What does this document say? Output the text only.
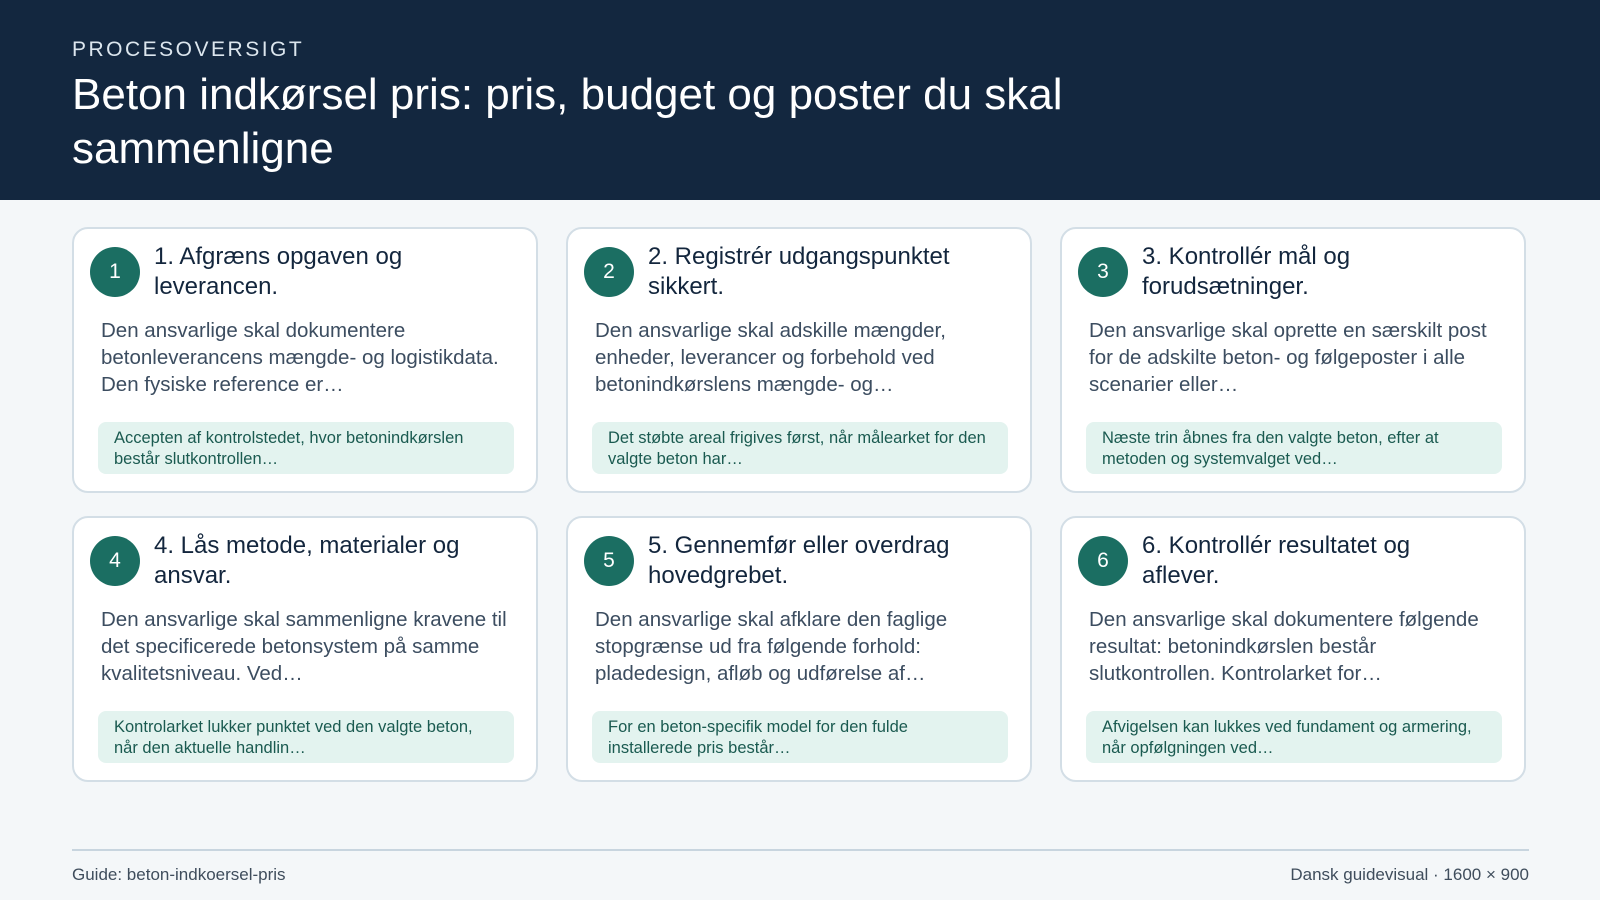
PROCESOVERSIGT
Beton indkørsel pris: pris, budget og poster du skal sammenligne
1
1. Afgræns opgaven og leverancen.
Den ansvarlige skal dokumentere betonleverancens mængde- og logistikdata. Den fysiske reference er…
Accepten af kontrolstedet, hvor betonindkørslen består slutkontrollen…
2
2. Registrér udgangspunktet sikkert.
Den ansvarlige skal adskille mængder, enheder, leverancer og forbehold ved betonindkørslens mængde- og…
Det støbte areal frigives først, når målearket for den valgte beton har…
3
3. Kontrollér mål og forudsætninger.
Den ansvarlige skal oprette en særskilt post for de adskilte beton- og følgeposter i alle scenarier eller…
Næste trin åbnes fra den valgte beton, efter at metoden og systemvalget ved…
4
4. Lås metode, materialer og ansvar.
Den ansvarlige skal sammenligne kravene til det specificerede betonsystem på samme kvalitetsniveau. Ved…
Kontrolarket lukker punktet ved den valgte beton, når den aktuelle handlin…
5
5. Gennemfør eller overdrag hovedgrebet.
Den ansvarlige skal afklare den faglige stopgrænse ud fra følgende forhold: pladedesign, afløb og udførelse af…
For en beton-specifik model for den fulde installerede pris består…
6
6. Kontrollér resultatet og aflever.
Den ansvarlige skal dokumentere følgende resultat: betonindkørslen består slutkontrollen. Kontrolarket for…
Afvigelsen kan lukkes ved fundament og armering, når opfølgningen ved…
Guide: beton-indkoersel-pris	Dansk guidevisual · 1600 × 900
